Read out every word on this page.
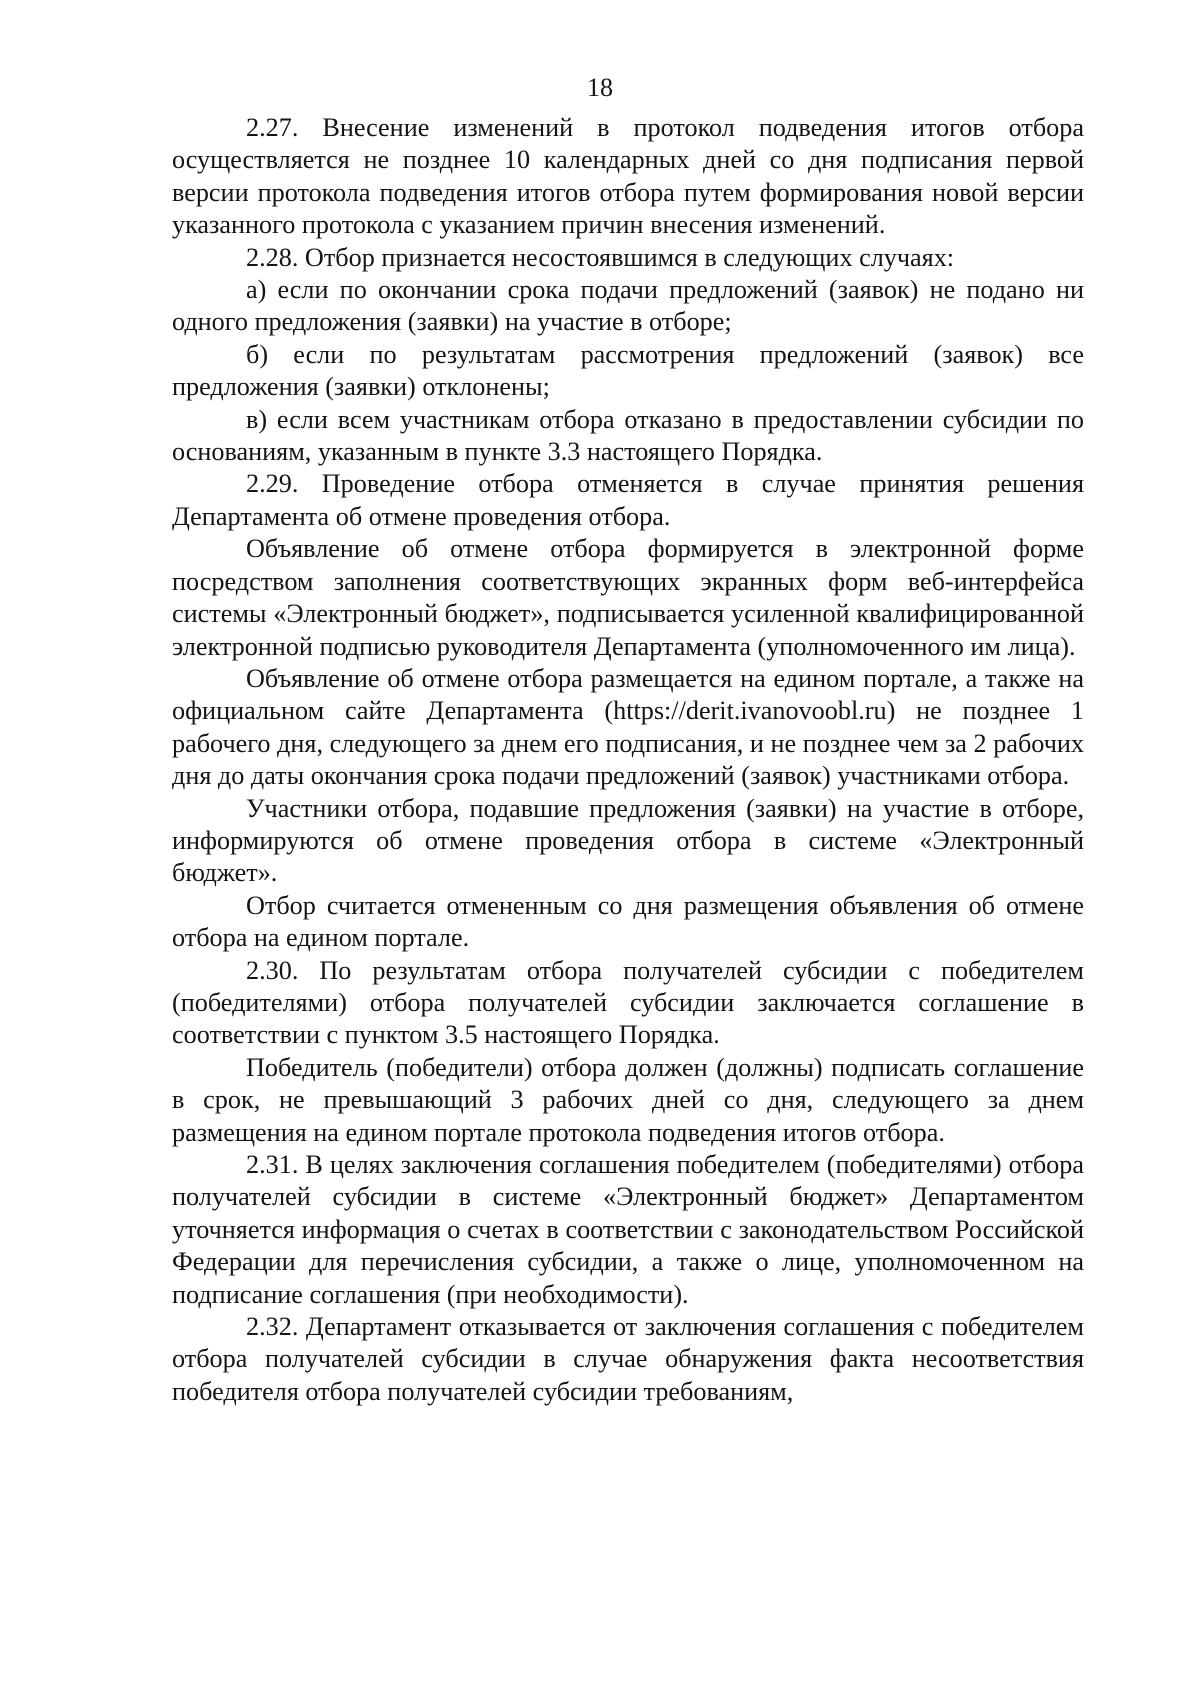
18

2.27. Внесение изменений в протокол подведения итогов отбора осуществляется не позднее 10 календарных дней со дня подписания первой версии протокола подведения итогов отбора путем формирования новой версии указанного протокола с указанием причин внесения изменений.

2.28. Отбор признается несостоявшимся в следующих случаях:

а) если по окончании срока подачи предложений (заявок) не подано ни одного предложения (заявки) на участие в отборе;

б) если по результатам рассмотрения предложений (заявок) все предложения (заявки) отклонены;

в) если всем участникам отбора отказано в предоставлении субсидии по основаниям, указанным в пункте 3.3 настоящего Порядка.

2.29. Проведение отбора отменяется в случае принятия решения Департамента об отмене проведения отбора.

Объявление об отмене отбора формируется в электронной форме посредством заполнения соответствующих экранных форм веб-интерфейса системы «Электронный бюджет», подписывается усиленной квалифицированной электронной подписью руководителя Департамента (уполномоченного им лица).

Объявление об отмене отбора размещается на едином портале, а также на официальном сайте Департамента (https://derit.ivanovoobl.ru) не позднее 1 рабочего дня, следующего за днем его подписания, и не позднее чем за 2 рабочих дня до даты окончания срока подачи предложений (заявок) участниками отбора.

Участники отбора, подавшие предложения (заявки) на участие в отборе, информируются об отмене проведения отбора в системе «Электронный бюджет».

Отбор считается отмененным со дня размещения объявления об отмене отбора на едином портале.

2.30. По результатам отбора получателей субсидии с победителем (победителями) отбора получателей субсидии заключается соглашение в соответствии с пунктом 3.5 настоящего Порядка.

Победитель (победители) отбора должен (должны) подписать соглашение в срок, не превышающий 3 рабочих дней со дня, следующего за днем размещения на едином портале протокола подведения итогов отбора.

2.31. В целях заключения соглашения победителем (победителями) отбора получателей субсидии в системе «Электронный бюджет» Департаментом уточняется информация о счетах в соответствии с законодательством Российской Федерации для перечисления субсидии, а также о лице, уполномоченном на подписание соглашения (при необходимости).

2.32. Департамент отказывается от заключения соглашения с победителем отбора получателей субсидии в случае обнаружения факта несоответствия победителя отбора получателей субсидии требованиям,
